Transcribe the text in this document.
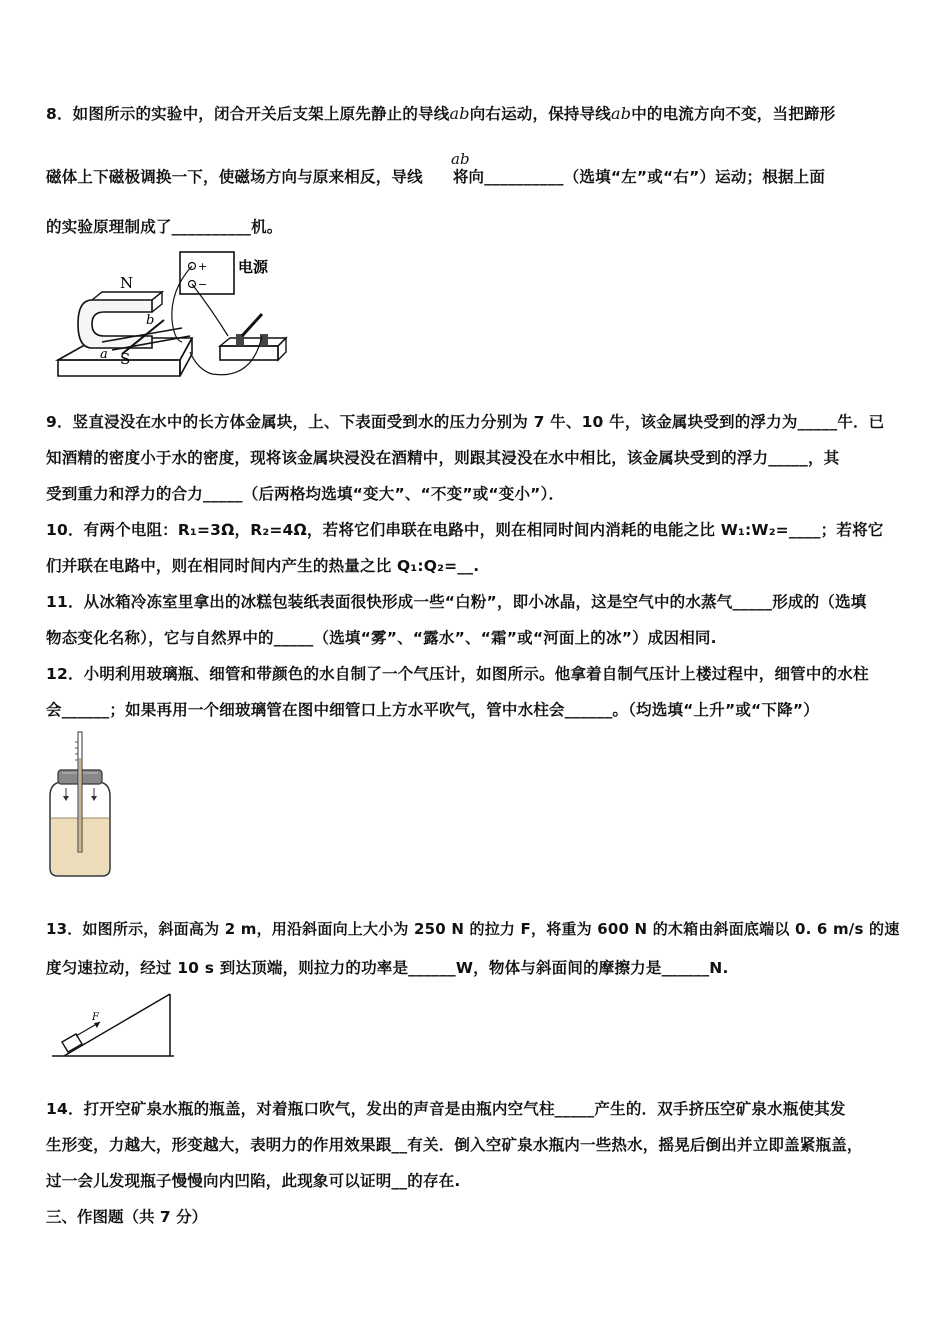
8．如图所示的实验中，闭合开关后支架上原先静止的导线ab向右运动，保持导线ab中的电流方向不变，当把蹄形
ab
磁体上下磁极调换一下，使磁场方向与原来相反，导线 将向__________（选填“左”或“右”）运动；根据上面
的实验原理制成了__________机。
b
a
N
S
+
−
电源
9．竖直浸没在水中的长方体金属块，上、下表面受到水的压力分别为 7 牛、10 牛，该金属块受到的浮力为_____牛．已
知酒精的密度小于水的密度，现将该金属块浸没在酒精中，则跟其浸没在水中相比，该金属块受到的浮力_____，其
受到重力和浮力的合力_____（后两格均选填“变大”、“不变”或“变小”）．
10．有两个电阻：R₁=3Ω，R₂=4Ω，若将它们串联在电路中，则在相同时间内消耗的电能之比 W₁:W₂=____；若将它
们并联在电路中，则在相同时间内产生的热量之比 Q₁:Q₂=__.
11．从冰箱冷冻室里拿出的冰糕包装纸表面很快形成一些“白粉”，即小冰晶，这是空气中的水蒸气_____形成的（选填
物态变化名称），它与自然界中的_____（选填“雾”、“露水”、“霜”或“河面上的冰”）成因相同.
12．小明利用玻璃瓶、细管和带颜色的水自制了一个气压计，如图所示。他拿着自制气压计上楼过程中，细管中的水柱
会______；如果再用一个细玻璃管在图中细管口上方水平吹气，管中水柱会______。（均选填“上升”或“下降”）
13．如图所示，斜面高为 2 m，用沿斜面向上大小为 250 N 的拉力 F，将重为 600 N 的木箱由斜面底端以 0. 6 m/s 的速
度匀速拉动，经过 10 s 到达顶端，则拉力的功率是______W，物体与斜面间的摩擦力是______N.
F
14．打开空矿泉水瓶的瓶盖，对着瓶口吹气，发出的声音是由瓶内空气柱_____产生的．双手挤压空矿泉水瓶使其发
生形变，力越大，形变越大，表明力的作用效果跟__有关．倒入空矿泉水瓶内一些热水，摇晃后倒出并立即盖紧瓶盖，
过一会儿发现瓶子慢慢向内凹陷，此现象可以证明__的存在.
三、作图题（共 7 分）
